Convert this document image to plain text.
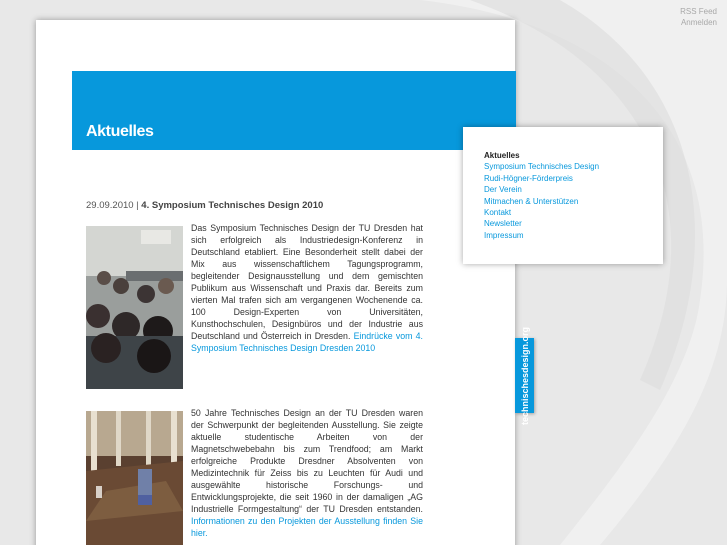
RSS Feed
Anmelden
Aktuelles
29.09.2010 | 4. Symposium Technisches Design 2010
Das Symposium Technisches Design der TU Dresden hat sich erfolgreich als Industriedesign-Konferenz in Deutschland etabliert. Eine Besonderheit stellt dabei der Mix aus wissenschaftlichem Tagungsprogramm, begleitender Designausstellung und dem gemischten Publikum aus Wissenschaft und Praxis dar. Bereits zum vierten Mal trafen sich am vergangenen Wochenende ca. 100 Design-Experten von Universitäten, Kunsthochschulen, Designbüros und der Industrie aus Deutschland und Österreich in Dresden. Eindrücke vom 4. Symposium Technisches Design Dresden 2010
50 Jahre Technisches Design an der TU Dresden waren der Schwerpunkt der begleitenden Ausstellung. Sie zeigte aktuelle studentische Arbeiten von der Magnetschwebebahn bis zum Trendfood; am Markt erfolgreiche Produkte Dresdner Absolventen von Medizintechnik für Zeiss bis zu Leuchten für Audi und ausgewählte historische Forschungs- und Entwicklungsprojekte, die seit 1960 in der damaligen „AG Industrielle Formgestaltung“ der TU Dresden entstanden. Informationen zu den Projekten der Ausstellung finden Sie hier.
Aktuelles
Symposium Technisches Design
Rudi-Högner-Förderpreis
Der Verein
Mitmachen & Unterstützen
Kontakt
Newsletter
Impressum
technischesdesign.org
